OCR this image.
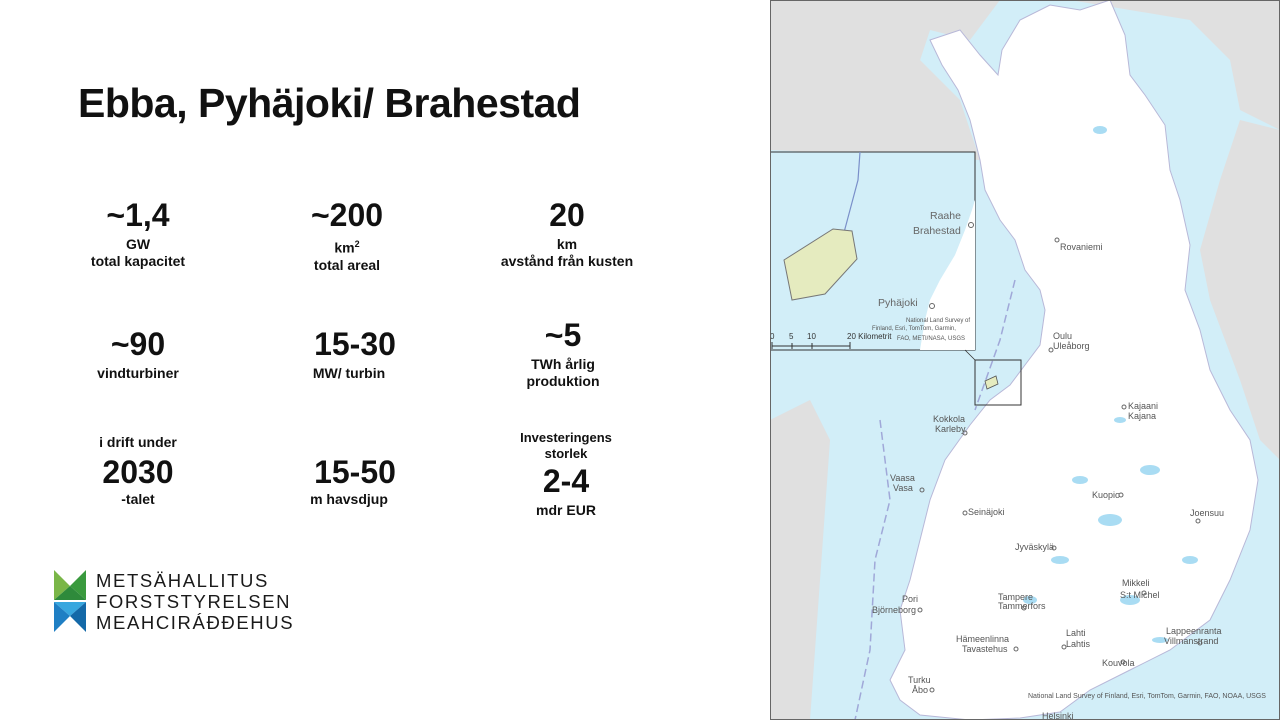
Ebba, Pyhäjoki/ Brahestad
~1,4
GW
total kapacitet
~200
$km^2$
total areal
20
km
avstånd från kusten
~90
vindturbiner
15-30
MW/ turbin
~5
TWh årlig
produktion
i drift under
2030
-talet
15-50
m havsdjup
Investeringens
storlek
2-4
mdr EUR
METSÄHALLITUS
FORSTSTYRELSEN
MEAHCIRÁĐĐEHUS
Rovaniemi
Oulu
Uleåborg
Kajaani
Kajana
Kokkola
Karleby
Vaasa
Vasa
Seinäjoki
Kuopio
Joensuu
Jyväskylä
Mikkeli
S:t Michel
Pori
Björneborg
Tampere
Tammerfors
Hämeenlinna
Tavastehus
Lahti
Lahtis
Lappeenranta
Villmanstrand
Kouvola
Turku
Åbo
Helsinki
National Land Survey of Finland, Esri, TomTom, Garmin, FAO, NOAA, USGS
Raahe
Brahestad
Pyhäjoki
National Land Survey of
Finland, Esri, TomTom, Garmin,
FAO, METI/NASA, USGS
0 5 10	20 Kilometrit
